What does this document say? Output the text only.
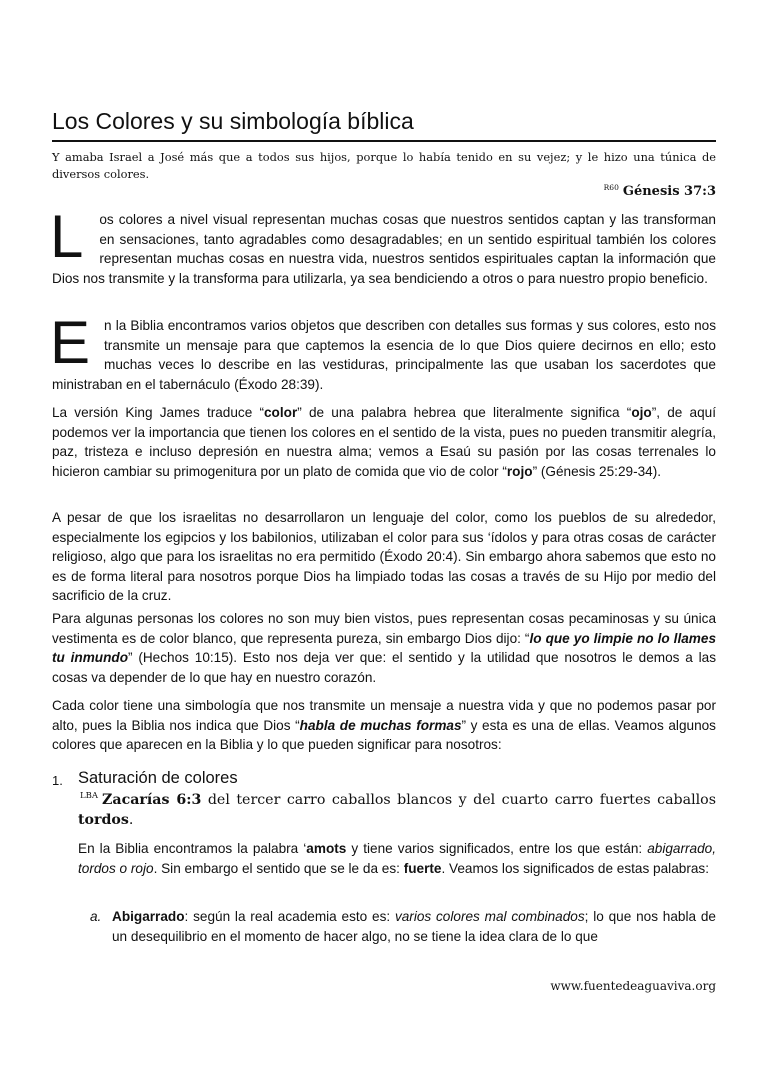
Los Colores y su simbología bíblica
Y amaba Israel a José más que a todos sus hijos, porque lo había tenido en su vejez; y le hizo una túnica de diversos colores.
$^{R60}$ Génesis 37:3
L os colores a nivel visual representan muchas cosas que nuestros sentidos captan y las transforman en sensaciones, tanto agradables como desagradables; en un sentido espiritual también los colores representan muchas cosas en nuestra vida, nuestros sentidos espirituales captan la información que Dios nos transmite y la transforma para utilizarla, ya sea bendiciendo a otros o para nuestro propio beneficio.
E n la Biblia encontramos varios objetos que describen con detalles sus formas y sus colores, esto nos transmite un mensaje para que captemos la esencia de lo que Dios quiere decirnos en ello; esto muchas veces lo describe en las vestiduras, principalmente las que usaban los sacerdotes que ministraban en el tabernáculo (Éxodo 28:39).
La versión King James traduce “color” de una palabra hebrea que literalmente significa “ojo”, de aquí podemos ver la importancia que tienen los colores en el sentido de la vista, pues no pueden transmitir alegría, paz, tristeza e incluso depresión en nuestra alma; vemos a Esaú su pasión por las cosas terrenales lo hicieron cambiar su primogenitura por un plato de comida que vio de color “rojo” (Génesis 25:29-34).
A pesar de que los israelitas no desarrollaron un lenguaje del color, como los pueblos de su alrededor, especialmente los egipcios y los babilonios, utilizaban el color para sus ‘ídolos y para otras cosas de carácter religioso, algo que para los israelitas no era permitido (Éxodo 20:4). Sin embargo ahora sabemos que esto no es de forma literal para nosotros porque Dios ha limpiado todas las cosas a través de su Hijo por medio del sacrificio de la cruz.
Para algunas personas los colores no son muy bien vistos, pues representan cosas pecaminosas y su única vestimenta es de color blanco, que representa pureza, sin embargo Dios dijo: “lo que yo limpie no lo llames tu inmundo” (Hechos 10:15). Esto nos deja ver que: el sentido y la utilidad que nosotros le demos a las cosas va depender de lo que hay en nuestro corazón.
Cada color tiene una simbología que nos transmite un mensaje a nuestra vida y que no podemos pasar por alto, pues la Biblia nos indica que Dios “habla de muchas formas” y esta es una de ellas. Veamos algunos colores que aparecen en la Biblia y lo que pueden significar para nosotros:
1. Saturación de colores
$^{LBA}$ Zacarías 6:3 del tercer carro caballos blancos y del cuarto carro fuertes caballos tordos.
En la Biblia encontramos la palabra ‘amots y tiene varios significados, entre los que están: abigarrado, tordos o rojo. Sin embargo el sentido que se le da es: fuerte. Veamos los significados de estas palabras:
a. Abigarrado: según la real academia esto es: varios colores mal combinados; lo que nos habla de un desequilibrio en el momento de hacer algo, no se tiene la idea clara de lo que
www.fuentedeaguaviva.org
